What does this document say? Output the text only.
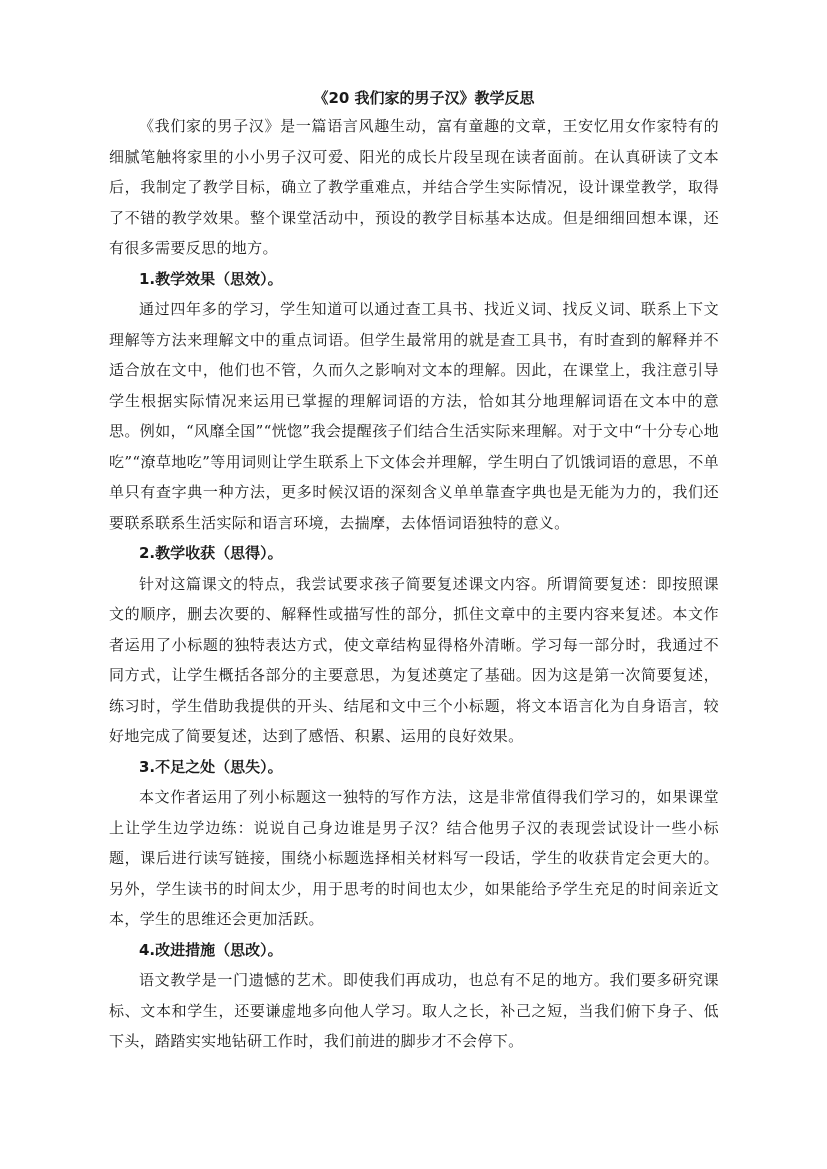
《20 我们家的男子汉》教学反思

《我们家的男子汉》是一篇语言风趣生动，富有童趣的文章，王安忆用女作家特有的细腻笔触将家里的小小男子汉可爱、阳光的成长片段呈现在读者面前。在认真研读了文本后，我制定了教学目标，确立了教学重难点，并结合学生实际情况，设计课堂教学，取得了不错的教学效果。整个课堂活动中，预设的教学目标基本达成。但是细细回想本课，还有很多需要反思的地方。

1.教学效果（思效）。

通过四年多的学习，学生知道可以通过查工具书、找近义词、找反义词、联系上下文理解等方法来理解文中的重点词语。但学生最常用的就是查工具书，有时查到的解释并不适合放在文中，他们也不管，久而久之影响对文本的理解。因此，在课堂上，我注意引导学生根据实际情况来运用已掌握的理解词语的方法，恰如其分地理解词语在文本中的意思。例如，“风靡全国”“恍惚”我会提醒孩子们结合生活实际来理解。对于文中“十分专心地吃”“潦草地吃”等用词则让学生联系上下文体会并理解，学生明白了饥饿词语的意思，不单单只有查字典一种方法，更多时候汉语的深刻含义单单靠查字典也是无能为力的，我们还要联系联系生活实际和语言环境，去揣摩，去体悟词语独特的意义。

2.教学收获（思得）。

针对这篇课文的特点，我尝试要求孩子简要复述课文内容。所谓简要复述：即按照课文的顺序，删去次要的、解释性或描写性的部分，抓住文章中的主要内容来复述。本文作者运用了小标题的独特表达方式，使文章结构显得格外清晰。学习每一部分时，我通过不同方式，让学生概括各部分的主要意思，为复述奠定了基础。因为这是第一次简要复述，练习时，学生借助我提供的开头、结尾和文中三个小标题，将文本语言化为自身语言，较好地完成了简要复述，达到了感悟、积累、运用的良好效果。

3.不足之处（思失）。

本文作者运用了列小标题这一独特的写作方法，这是非常值得我们学习的，如果课堂上让学生边学边练：说说自己身边谁是男子汉？结合他男子汉的表现尝试设计一些小标题，课后进行读写链接，围绕小标题选择相关材料写一段话，学生的收获肯定会更大的。另外，学生读书的时间太少，用于思考的时间也太少，如果能给予学生充足的时间亲近文本，学生的思维还会更加活跃。

4.改进措施（思改）。

语文教学是一门遗憾的艺术。即使我们再成功，也总有不足的地方。我们要多研究课标、文本和学生，还要谦虚地多向他人学习。取人之长，补己之短，当我们俯下身子、低下头，踏踏实实地钻研工作时，我们前进的脚步才不会停下。
